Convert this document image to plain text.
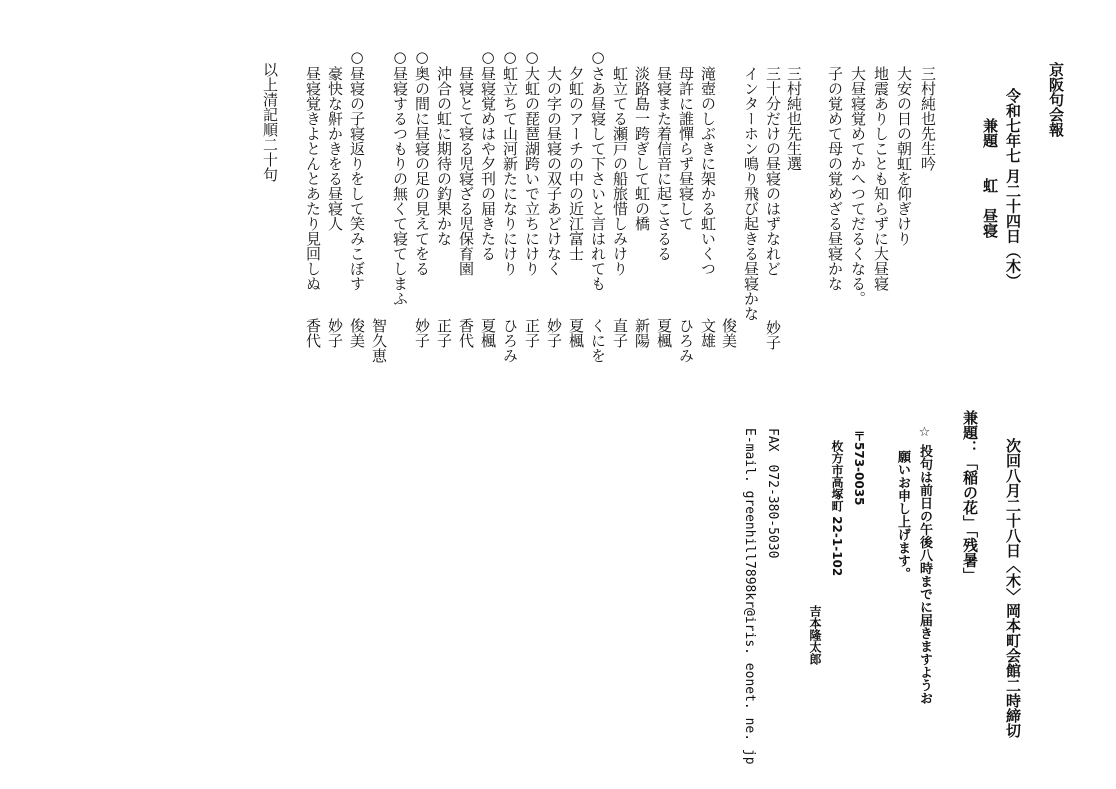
京阪句会報
令和七年七 月二十四日（木）
兼題
虹　昼寝
三村純也先生吟
大安の日の朝虹を仰ぎけり
地震ありしことも知らずに大昼寝
大昼寝覚めてかへつてだるくなる。
子の覚めて母の覚めざる昼寝かな
三村純也先生選
三十分だけの昼寝のはずなれど
妙子
インターホン鳴り飛び起きる昼寝かな
俊美
滝壺のしぶきに架かる虹いくつ
文雄
母許に誰憚らず昼寝して
ひろみ
昼寝また着信音に起こさるる
夏楓
淡路島一跨ぎして虹の橋
新陽
虹立てる瀬戸の船旅惜しみけり
直子
○さあ昼寝して下さいと言はれても
くにを
夕虹のアーチの中の近江富士
夏楓
大の字の昼寝の双子あどけなく
妙子
○大虹の琵琶湖跨いで立ちにけり
正子
○虹立ちて山河新たになりにけり
ひろみ
○昼寝覚めはや夕刊の届きたる
夏楓
昼寝とて寝る児寝ざる児保育園
香代
沖合の虹に期待の釣果かな
正子
○奥の間に昼寝の足の見えてをる
妙子
○昼寝するつもりの無くて寝てしまふ
智久恵
○昼寝の子寝返りをして笑みこぼす
俊美
豪快な鼾かきをる昼寝人
妙子
昼寝覚きよとんとあたり見回しぬ
香代
以上清記順二十句
次回八月二十八日〈木〉岡本町会館二時締切
兼題：「稲の花」「残暑」
☆ 投句は前日の午後八時までに届きますようお
願いお申し上げます。
〒573-0035
枚方市高塚町 22-1-102
吉本隆太郎
FAX　072-380-5030
E-mail. greenhill7898kr@iris. eonet. ne. jp
